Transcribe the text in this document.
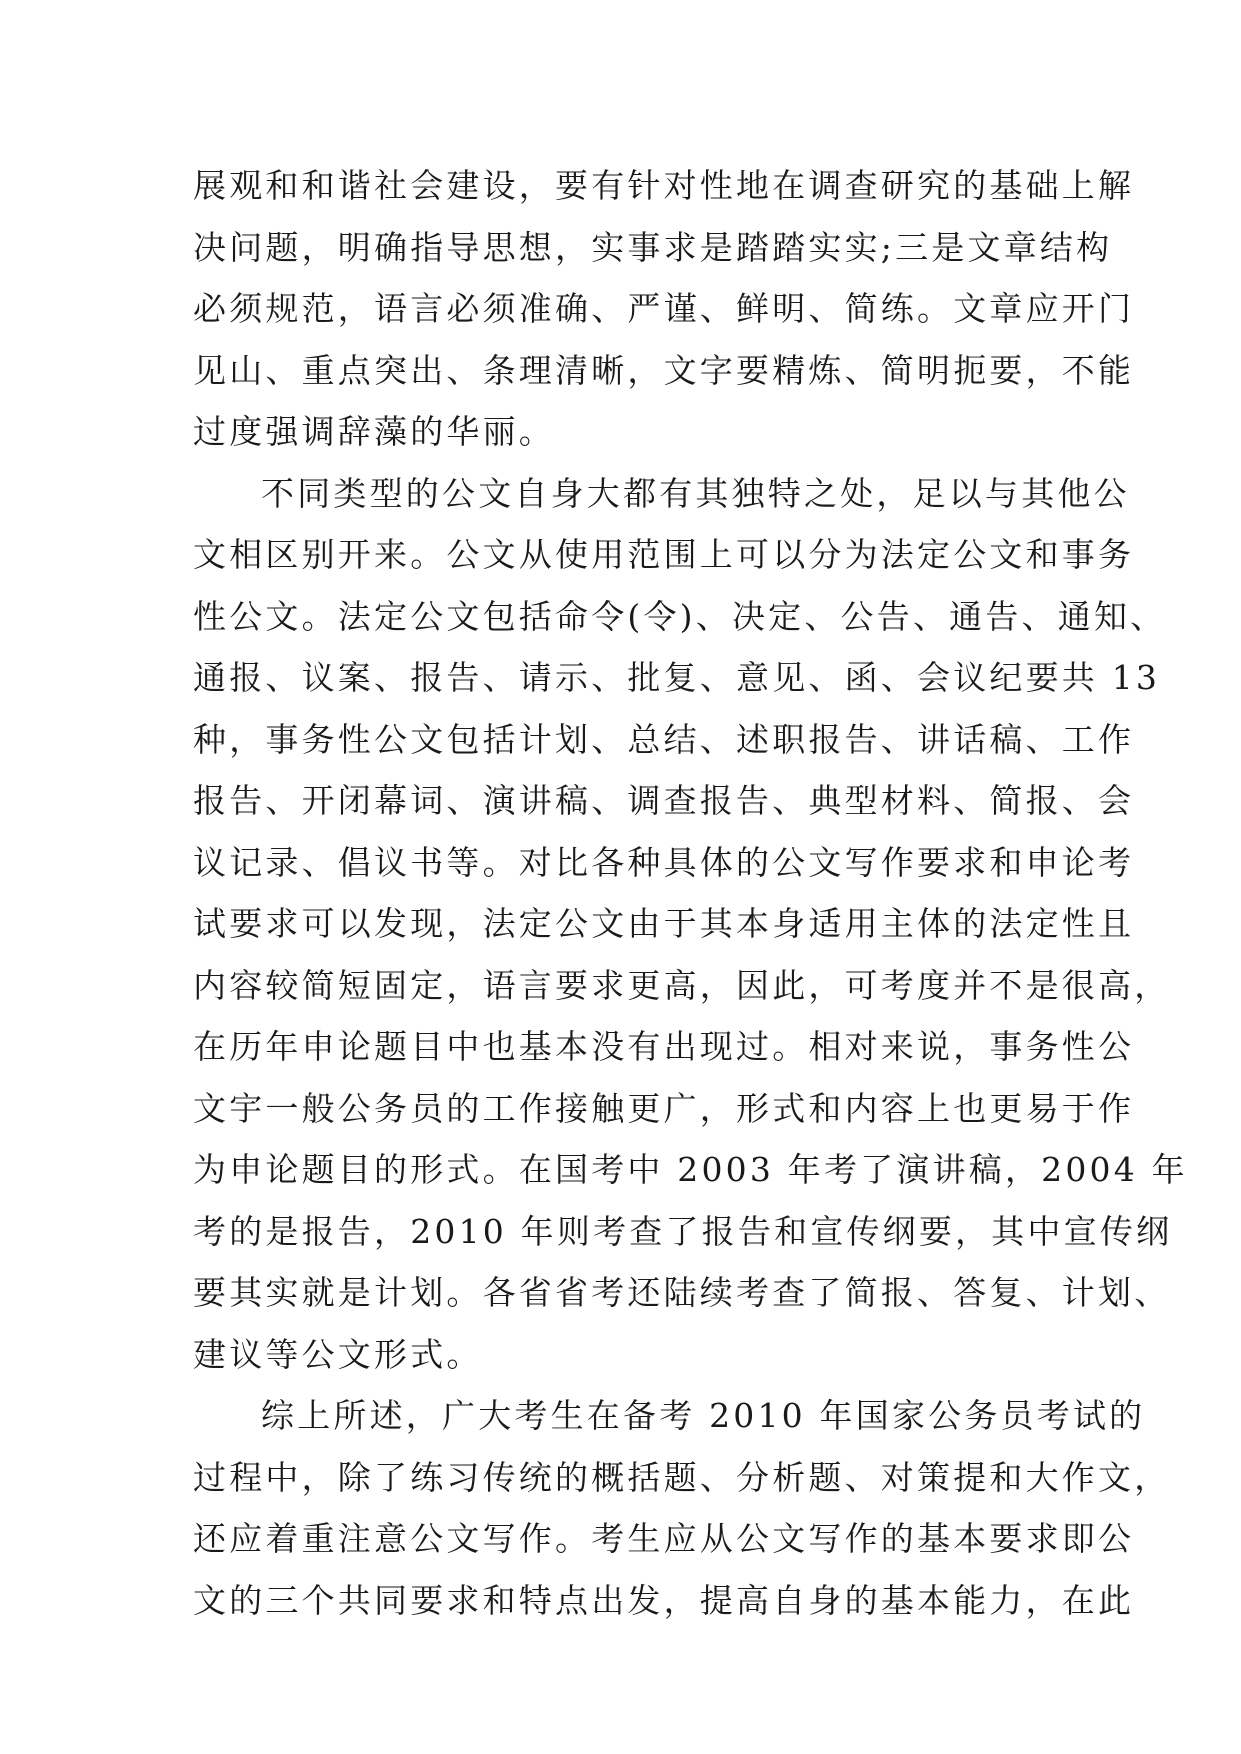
展观和和谐社会建设，要有针对性地在调查研究的基础上解
决问题，明确指导思想，实事求是踏踏实实;三是文章结构
必须规范，语言必须准确、严谨、鲜明、简练。文章应开门
见山、重点突出、条理清晰，文字要精炼、简明扼要，不能
过度强调辞藻的华丽。
不同类型的公文自身大都有其独特之处，足以与其他公
文相区别开来。公文从使用范围上可以分为法定公文和事务
性公文。法定公文包括命令(令)、决定、公告、通告、通知、
通报、议案、报告、请示、批复、意见、函、会议纪要共 13
种，事务性公文包括计划、总结、述职报告、讲话稿、工作
报告、开闭幕词、演讲稿、调查报告、典型材料、简报、会
议记录、倡议书等。对比各种具体的公文写作要求和申论考
试要求可以发现，法定公文由于其本身适用主体的法定性且
内容较简短固定，语言要求更高，因此，可考度并不是很高，
在历年申论题目中也基本没有出现过。相对来说，事务性公
文宇一般公务员的工作接触更广，形式和内容上也更易于作
为申论题目的形式。在国考中 2003 年考了演讲稿，2004 年
考的是报告，2010 年则考查了报告和宣传纲要，其中宣传纲
要其实就是计划。各省省考还陆续考查了简报、答复、计划、
建议等公文形式。
综上所述，广大考生在备考 2010 年国家公务员考试的
过程中，除了练习传统的概括题、分析题、对策提和大作文，
还应着重注意公文写作。考生应从公文写作的基本要求即公
文的三个共同要求和特点出发，提高自身的基本能力，在此
